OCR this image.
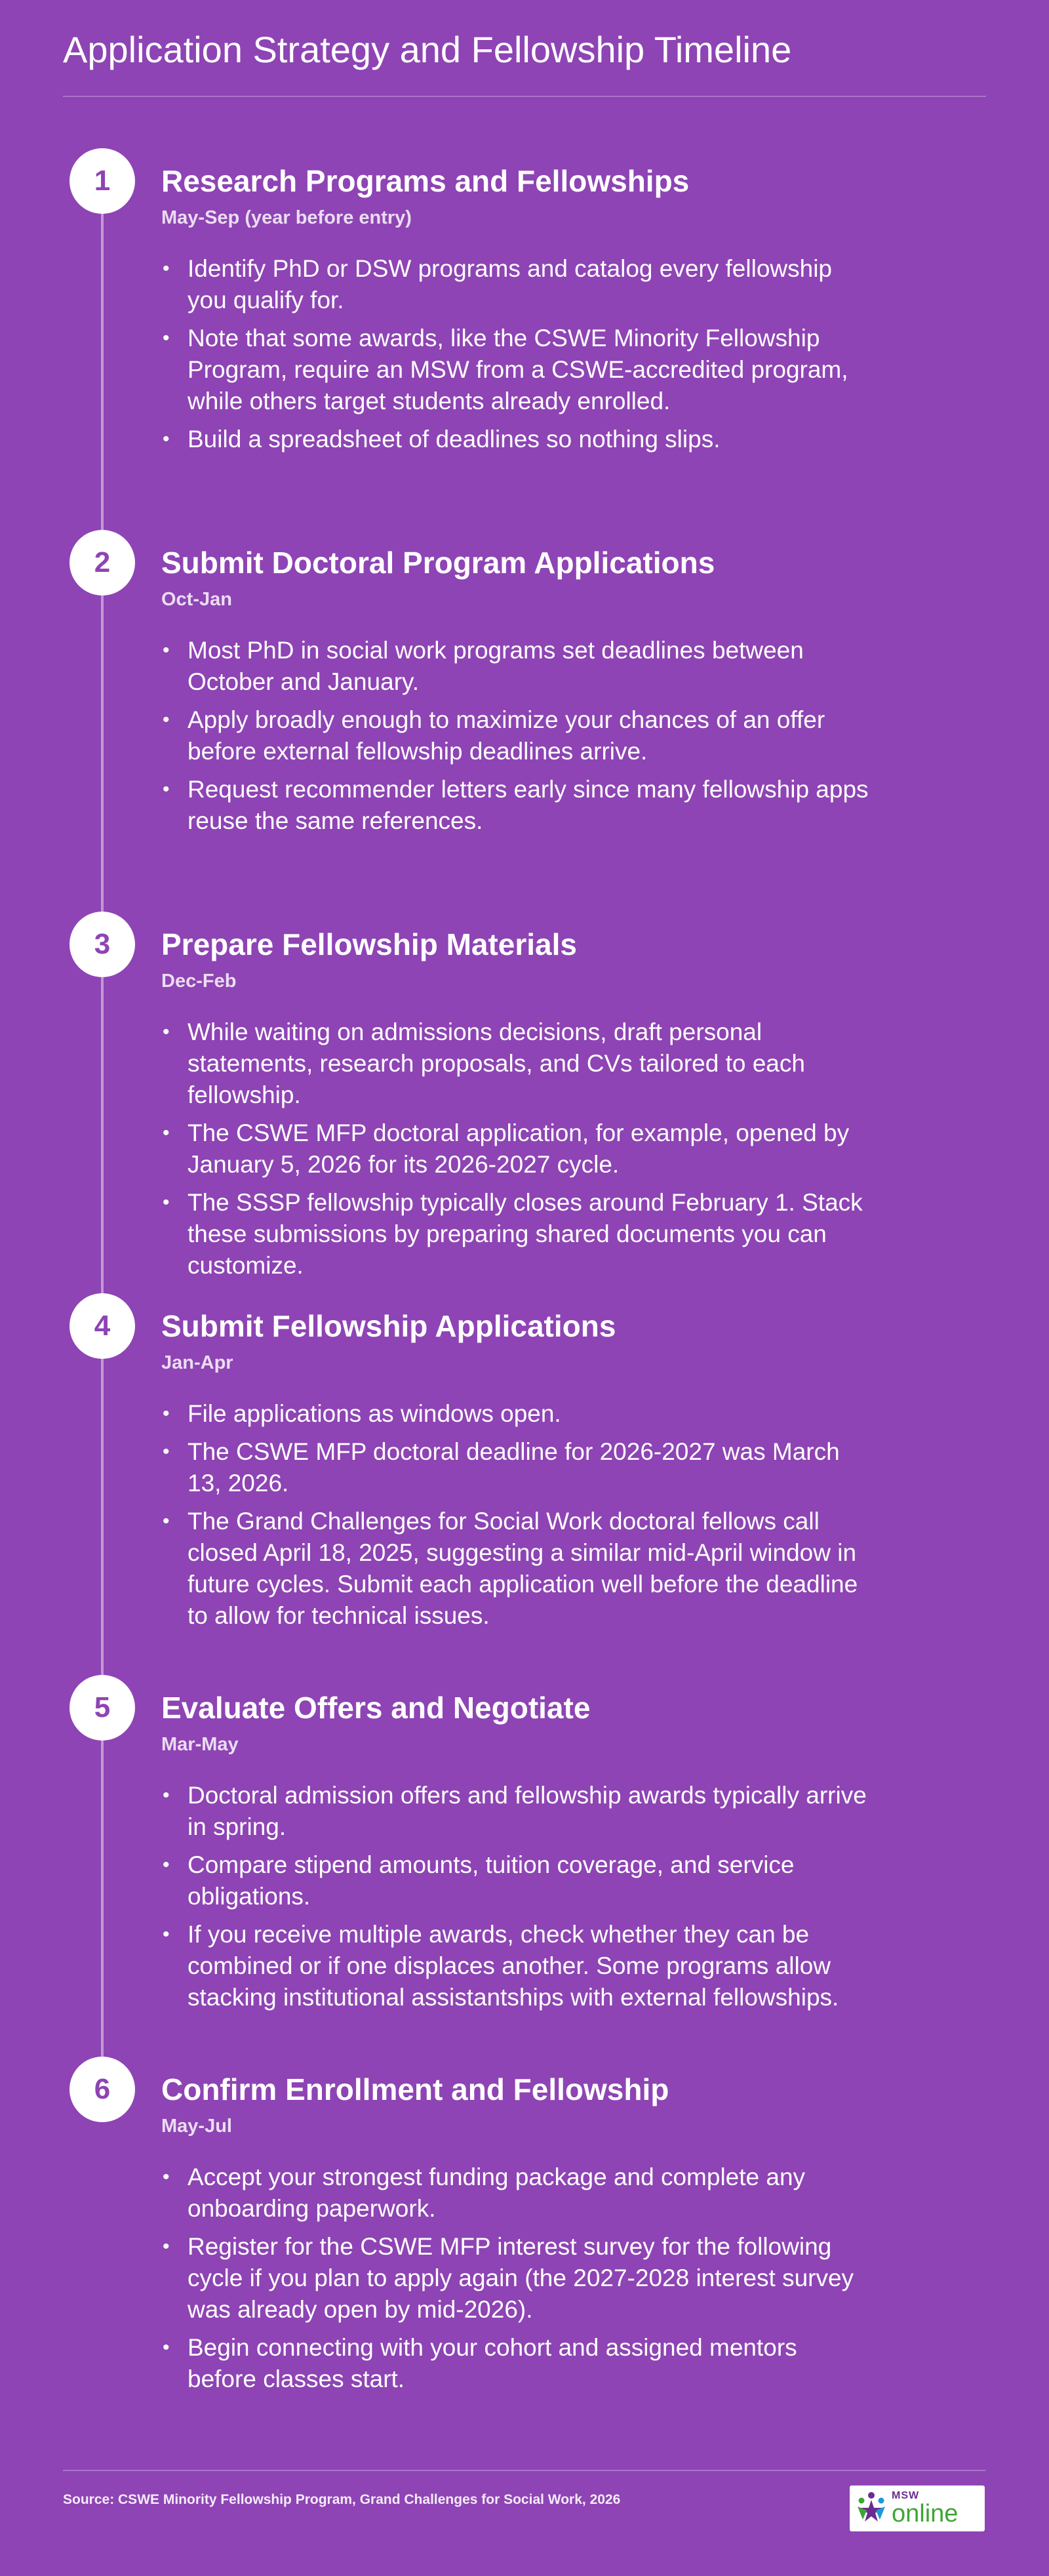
Application Strategy and Fellowship Timeline
1	Research Programs and Fellowships
May-Sep (year before entry)
• Identify PhD or DSW programs and catalog every fellowship you qualify for.
• Note that some awards, like the CSWE Minority Fellowship Program, require an MSW from a CSWE-accredited program, while others target students already enrolled.
• Build a spreadsheet of deadlines so nothing slips.
2	Submit Doctoral Program Applications
Oct-Jan
• Most PhD in social work programs set deadlines between October and January.
• Apply broadly enough to maximize your chances of an offer before external fellowship deadlines arrive.
• Request recommender letters early since many fellowship apps reuse the same references.
3	Prepare Fellowship Materials
Dec-Feb
• While waiting on admissions decisions, draft personal statements, research proposals, and CVs tailored to each fellowship.
• The CSWE MFP doctoral application, for example, opened by January 5, 2026 for its 2026-2027 cycle.
• The SSSP fellowship typically closes around February 1. Stack these submissions by preparing shared documents you can customize.
4	Submit Fellowship Applications
Jan-Apr
• File applications as windows open.
• The CSWE MFP doctoral deadline for 2026-2027 was March 13, 2026.
• The Grand Challenges for Social Work doctoral fellows call closed April 18, 2025, suggesting a similar mid-April window in future cycles. Submit each application well before the deadline to allow for technical issues.
5	Evaluate Offers and Negotiate
Mar-May
• Doctoral admission offers and fellowship awards typically arrive in spring.
• Compare stipend amounts, tuition coverage, and service obligations.
• If you receive multiple awards, check whether they can be combined or if one displaces another. Some programs allow stacking institutional assistantships with external fellowships.
6	Confirm Enrollment and Fellowship
May-Jul
• Accept your strongest funding package and complete any onboarding paperwork.
• Register for the CSWE MFP interest survey for the following cycle if you plan to apply again (the 2027-2028 interest survey was already open by mid-2026).
• Begin connecting with your cohort and assigned mentors before classes start.
Source: CSWE Minority Fellowship Program, Grand Challenges for Social Work, 2026	MSW
online
